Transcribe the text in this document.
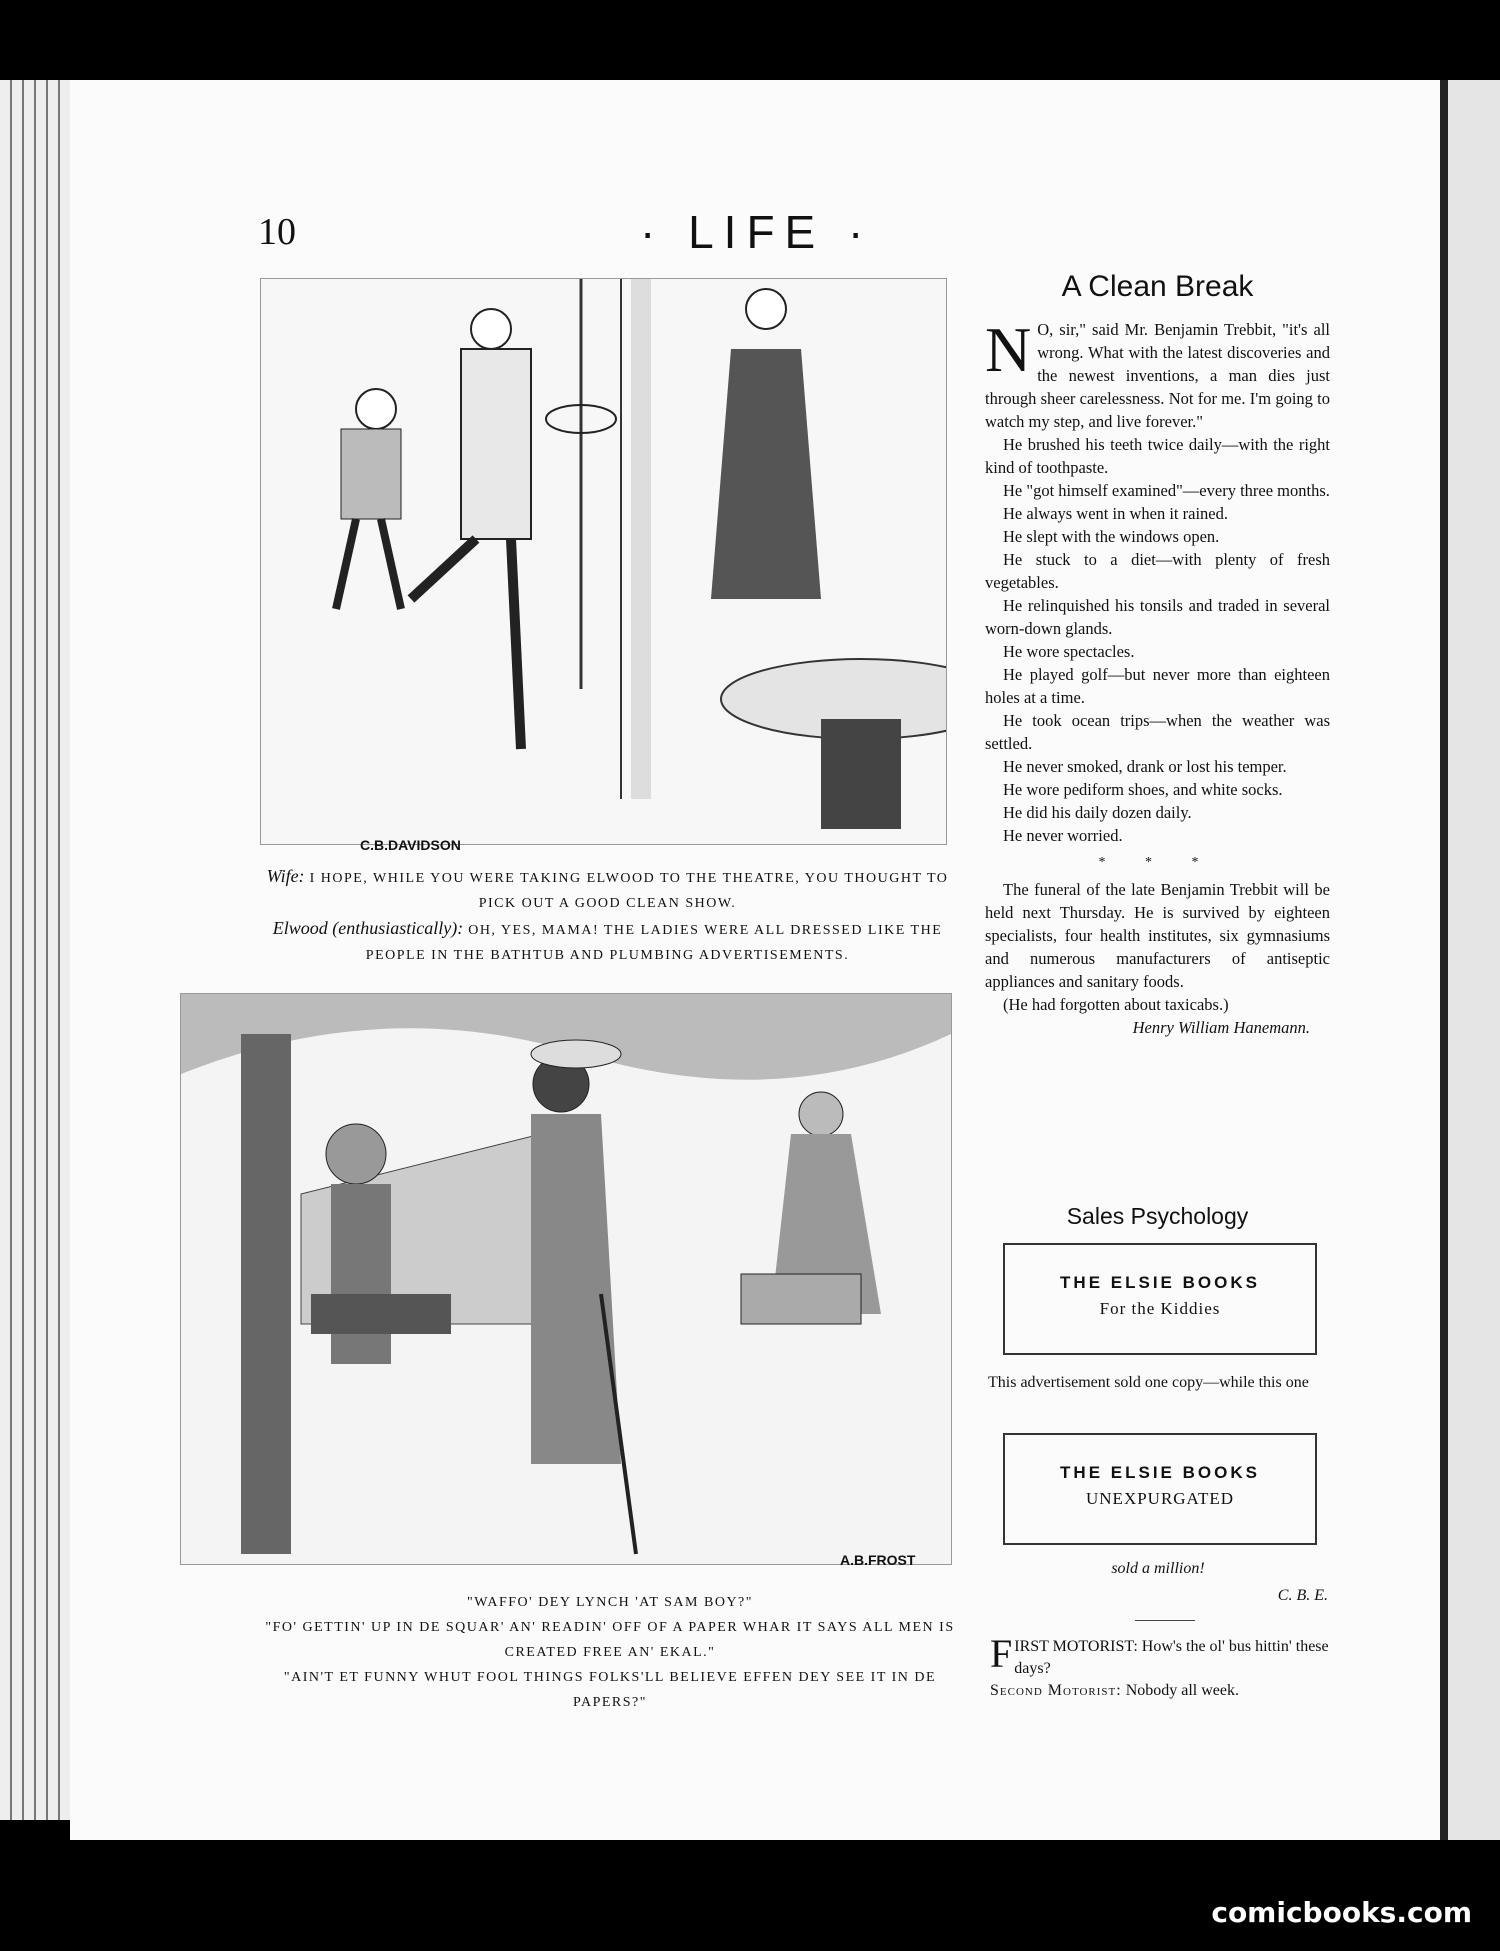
10	· LIFE ·
C.B.DAVIDSON
Wife: I HOPE, WHILE YOU WERE TAKING ELWOOD TO THE THEATRE, YOU THOUGHT TO PICK OUT A GOOD CLEAN SHOW.
Elwood (enthusiastically): OH, YES, MAMA! THE LADIES WERE ALL DRESSED LIKE THE PEOPLE IN THE BATHTUB AND PLUMBING ADVERTISEMENTS.
A.B.FROST
"WAFFO' DEY LYNCH 'AT SAM BOY?"
"FO' GETTIN' UP IN DE SQUAR' AN' READIN' OFF OF A PAPER WHAR IT SAYS ALL MEN IS CREATED FREE AN' EKAL."
"AIN'T ET FUNNY WHUT FOOL THINGS FOLKS'LL BELIEVE EFFEN DEY SEE IT IN DE PAPERS?"
A Clean Break

N O, sir," said Mr. Benjamin Trebbit, "it's all wrong. What with the latest discoveries and the newest inventions, a man dies just through sheer carelessness. Not for me. I'm going to watch my step, and live forever."

He brushed his teeth twice daily—with the right kind of toothpaste.

He "got himself examined"—every three months.

He always went in when it rained.

He slept with the windows open.

He stuck to a diet—with plenty of fresh vegetables.

He relinquished his tonsils and traded in several worn-down glands.

He wore spectacles.

He played golf—but never more than eighteen holes at a time.

He took ocean trips—when the weather was settled.

He never smoked, drank or lost his temper.

He wore pediform shoes, and white socks.

He did his daily dozen daily.

He never worried.

* * *

The funeral of the late Benjamin Trebbit will be held next Thursday. He is survived by eighteen specialists, four health institutes, six gymnasiums and numerous manufacturers of antiseptic appliances and sanitary foods.

(He had forgotten about taxicabs.)

Henry William Hanemann.
Sales Psychology
THE ELSIE BOOKS
For the Kiddies
This advertisement sold one copy—while this one
THE ELSIE BOOKS
UNEXPURGATED
sold a million!
C. B. E.
F IRST MOTORIST: How's the ol' bus hittin' these days?
Second Motorist: Nobody all week.
comicbooks.com
